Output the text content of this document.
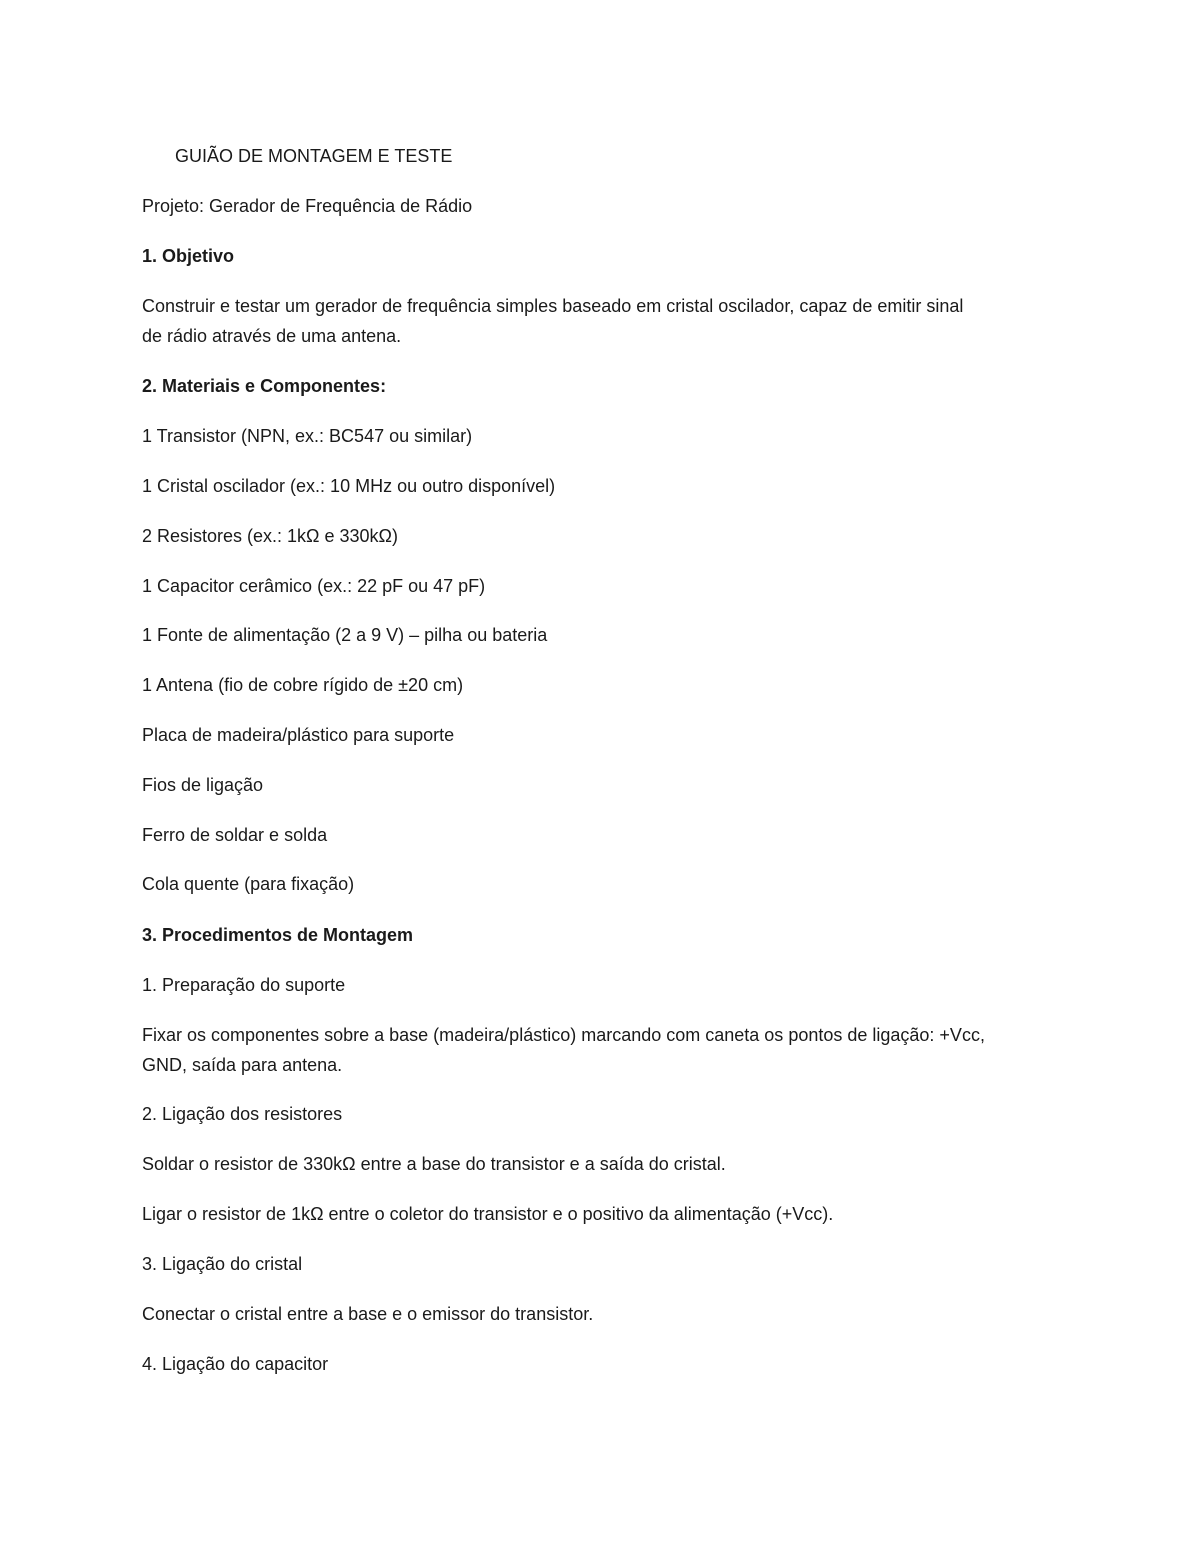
GUIÃO DE MONTAGEM E TESTE
Projeto: Gerador de Frequência de Rádio
1. Objetivo
Construir e testar um gerador de frequência simples baseado em cristal oscilador, capaz de emitir sinal
de rádio através de uma antena.
2. Materiais e Componentes:
1 Transistor (NPN, ex.: BC547 ou similar)
1 Cristal oscilador (ex.: 10 MHz ou outro disponível)
2 Resistores (ex.: 1kΩ e 330kΩ)
1 Capacitor cerâmico (ex.: 22 pF ou 47 pF)
1 Fonte de alimentação (2 a 9 V) – pilha ou bateria
1 Antena (fio de cobre rígido de ±20 cm)
Placa de madeira/plástico para suporte
Fios de ligação
Ferro de soldar e solda
Cola quente (para fixação)
3. Procedimentos de Montagem
1. Preparação do suporte
Fixar os componentes sobre a base (madeira/plástico) marcando com caneta os pontos de ligação: +Vcc,
GND, saída para antena.
2. Ligação dos resistores
Soldar o resistor de 330kΩ entre a base do transistor e a saída do cristal.
Ligar o resistor de 1kΩ entre o coletor do transistor e o positivo da alimentação (+Vcc).
3. Ligação do cristal
Conectar o cristal entre a base e o emissor do transistor.
4. Ligação do capacitor
